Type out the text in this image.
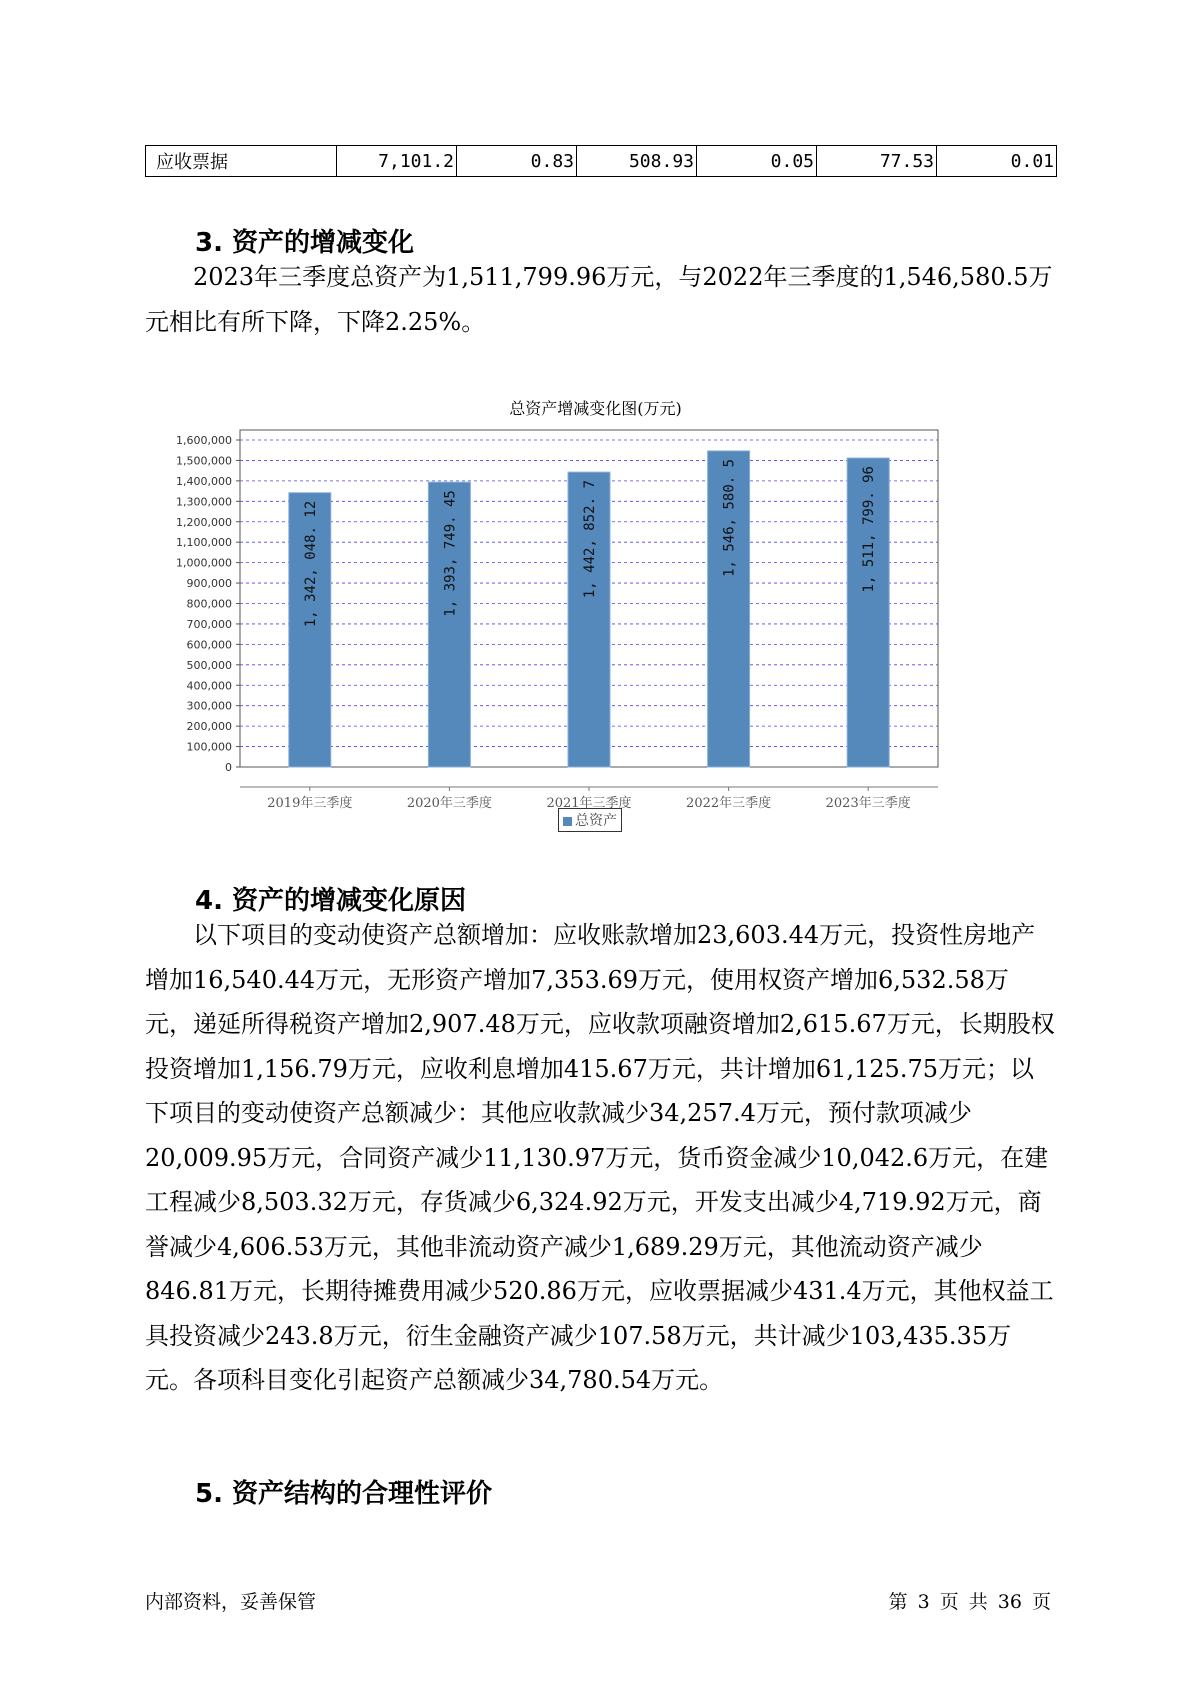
应收票据	7,101.2	0.83	508.93	0.05	77.53	0.01
3. 资产的增减变化

2023年三季度总资产为1,511,799.96万元，与2022年三季度的1,546,580.5万元相比有所下降，下降2.25%。

总资产增减变化图(万元)
0
100,000
200,000
300,000
400,000
500,000
600,000
700,000
800,000
900,000
1,000,000
1,100,000
1,200,000
1,300,000
1,400,000
1,500,000
1,600,000
1, 342, 048. 12
2019年三季度
1, 393, 749. 45
2020年三季度
1, 442, 852. 7
2021年三季度
1, 546, 580. 5
2022年三季度
1, 511, 799. 96
2023年三季度
总资产
4. 资产的增减变化原因

以下项目的变动使资产总额增加：应收账款增加23,603.44万元，投资性房地产增加16,540.44万元，无形资产增加7,353.69万元，使用权资产增加6,532.58万元，递延所得税资产增加2,907.48万元，应收款项融资增加2,615.67万元，长期股权投资增加1,156.79万元，应收利息增加415.67万元，共计增加61,125.75万元；以下项目的变动使资产总额减少：其他应收款减少34,257.4万元，预付款项减少20,009.95万元，合同资产减少11,130.97万元，货币资金减少10,042.6万元，在建工程减少8,503.32万元，存货减少6,324.92万元，开发支出减少4,719.92万元，商誉减少4,606.53万元，其他非流动资产减少1,689.29万元，其他流动资产减少846.81万元，长期待摊费用减少520.86万元，应收票据减少431.4万元，其他权益工具投资减少243.8万元，衍生金融资产减少107.58万元，共计减少103,435.35万元。各项科目变化引起资产总额减少34,780.54万元。

5. 资产结构的合理性评价
内部资料，妥善保管	第 3 页 共 36 页
